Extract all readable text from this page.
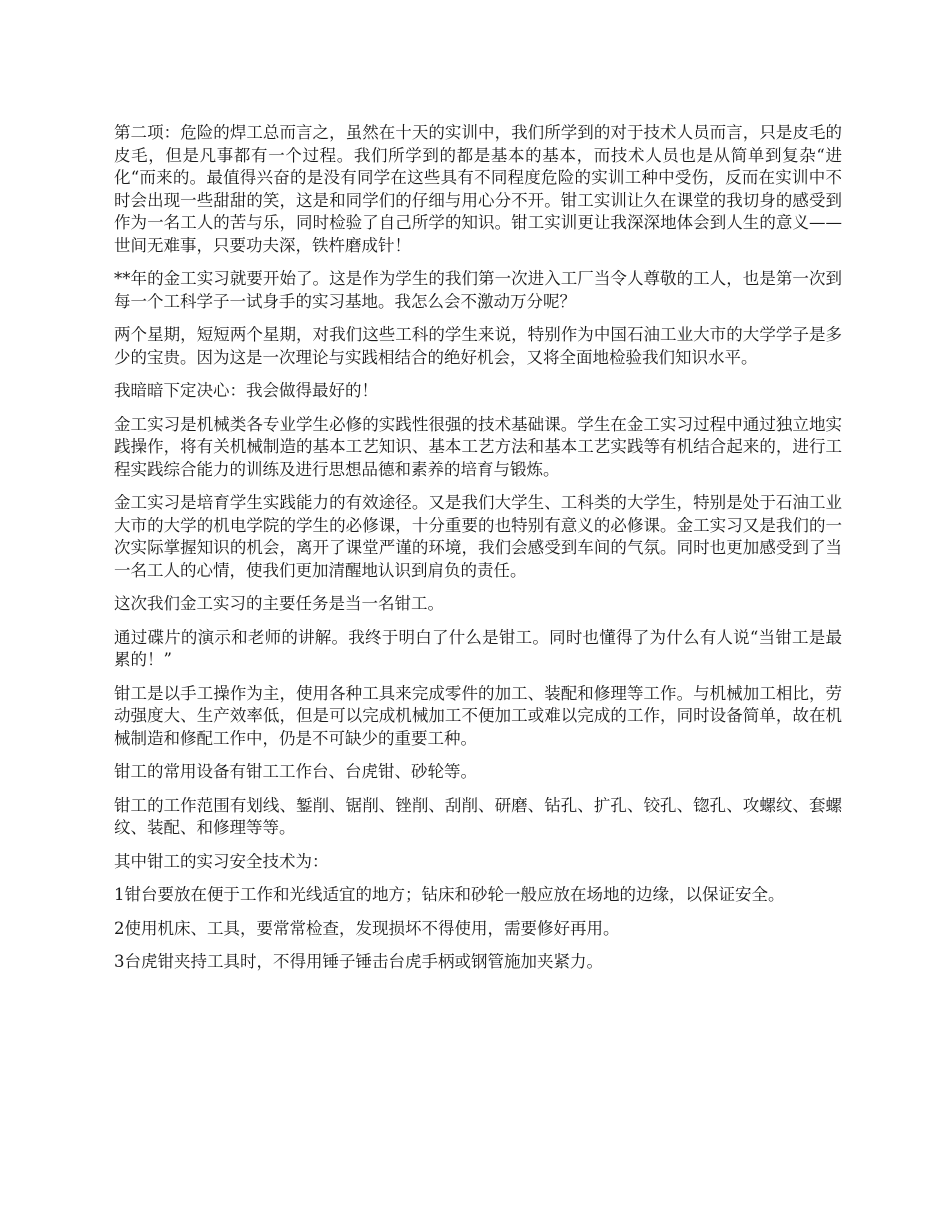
第二项：危险的焊工总而言之，虽然在十天的实训中，我们所学到的对于技术人员而言，只是皮毛的皮毛，但是凡事都有一个过程。我们所学到的都是基本的基本，而技术人员也是从简单到复杂“进化“而来的。最值得兴奋的是没有同学在这些具有不同程度危险的实训工种中受伤，反而在实训中不时会出现一些甜甜的笑，这是和同学们的仔细与用心分不开。钳工实训让久在课堂的我切身的感受到作为一名工人的苦与乐，同时检验了自己所学的知识。钳工实训更让我深深地体会到人生的意义——世间无难事，只要功夫深，铁杵磨成针！

**年的金工实习就要开始了。这是作为学生的我们第一次进入工厂当令人尊敬的工人，也是第一次到每一个工科学子一试身手的实习基地。我怎么会不激动万分呢？

两个星期，短短两个星期，对我们这些工科的学生来说，特别作为中国石油工业大市的大学学子是多少的宝贵。因为这是一次理论与实践相结合的绝好机会，又将全面地检验我们知识水平。

我暗暗下定决心：我会做得最好的！

金工实习是机械类各专业学生必修的实践性很强的技术基础课。学生在金工实习过程中通过独立地实践操作，将有关机械制造的基本工艺知识、基本工艺方法和基本工艺实践等有机结合起来的，进行工程实践综合能力的训练及进行思想品德和素养的培育与锻炼。

金工实习是培育学生实践能力的有效途径。又是我们大学生、工科类的大学生，特别是处于石油工业大市的大学的机电学院的学生的必修课，十分重要的也特别有意义的必修课。金工实习又是我们的一次实际掌握知识的机会，离开了课堂严谨的环境，我们会感受到车间的气氛。同时也更加感受到了当一名工人的心情，使我们更加清醒地认识到肩负的责任。

这次我们金工实习的主要任务是当一名钳工。

通过碟片的演示和老师的讲解。我终于明白了什么是钳工。同时也懂得了为什么有人说“当钳工是最累的！”

钳工是以手工操作为主，使用各种工具来完成零件的加工、装配和修理等工作。与机械加工相比，劳动强度大、生产效率低，但是可以完成机械加工不便加工或难以完成的工作，同时设备简单，故在机械制造和修配工作中，仍是不可缺少的重要工种。

钳工的常用设备有钳工工作台、台虎钳、砂轮等。

钳工的工作范围有划线、錾削、锯削、锉削、刮削、研磨、钻孔、扩孔、铰孔、锪孔、攻螺纹、套螺纹、装配、和修理等等。

其中钳工的实习安全技术为：

1钳台要放在便于工作和光线适宜的地方；钻床和砂轮一般应放在场地的边缘，以保证安全。

2使用机床、工具，要常常检查，发现损坏不得使用，需要修好再用。

3台虎钳夹持工具时，不得用锤子锤击台虎手柄或钢管施加夹紧力。
